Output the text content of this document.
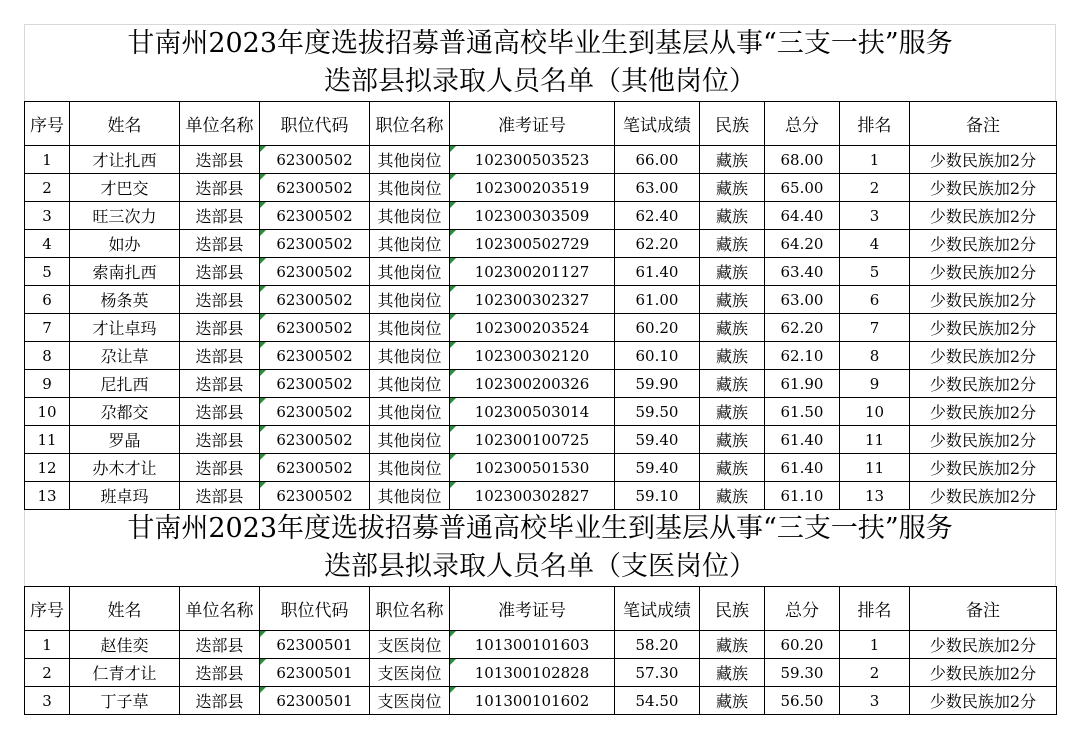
甘南州2023年度选拔招募普通高校毕业生到基层从事“三支一扶”服务
迭部县拟录取人员名单（其他岗位）
序号	姓名	单位名称	职位代码	职位名称	准考证号	笔试成绩	民族	总分	排名	备注
1	才让扎西	迭部县	62300502	其他岗位	102300503523	66.00	藏族	68.00	1	少数民族加2分
2	才巴交	迭部县	62300502	其他岗位	102300203519	63.00	藏族	65.00	2	少数民族加2分
3	旺三次力	迭部县	62300502	其他岗位	102300303509	62.40	藏族	64.40	3	少数民族加2分
4	如办	迭部县	62300502	其他岗位	102300502729	62.20	藏族	64.20	4	少数民族加2分
5	索南扎西	迭部县	62300502	其他岗位	102300201127	61.40	藏族	63.40	5	少数民族加2分
6	杨条英	迭部县	62300502	其他岗位	102300302327	61.00	藏族	63.00	6	少数民族加2分
7	才让卓玛	迭部县	62300502	其他岗位	102300203524	60.20	藏族	62.20	7	少数民族加2分
8	尕让草	迭部县	62300502	其他岗位	102300302120	60.10	藏族	62.10	8	少数民族加2分
9	尼扎西	迭部县	62300502	其他岗位	102300200326	59.90	藏族	61.90	9	少数民族加2分
10	尕都交	迭部县	62300502	其他岗位	102300503014	59.50	藏族	61.50	10	少数民族加2分
11	罗晶	迭部县	62300502	其他岗位	102300100725	59.40	藏族	61.40	11	少数民族加2分
12	办木才让	迭部县	62300502	其他岗位	102300501530	59.40	藏族	61.40	11	少数民族加2分
13	班卓玛	迭部县	62300502	其他岗位	102300302827	59.10	藏族	61.10	13	少数民族加2分
甘南州2023年度选拔招募普通高校毕业生到基层从事“三支一扶”服务
迭部县拟录取人员名单（支医岗位）
序号	姓名	单位名称	职位代码	职位名称	准考证号	笔试成绩	民族	总分	排名	备注
1	赵佳奕	迭部县	62300501	支医岗位	101300101603	58.20	藏族	60.20	1	少数民族加2分
2	仁青才让	迭部县	62300501	支医岗位	101300102828	57.30	藏族	59.30	2	少数民族加2分
3	丁子草	迭部县	62300501	支医岗位	101300101602	54.50	藏族	56.50	3	少数民族加2分
